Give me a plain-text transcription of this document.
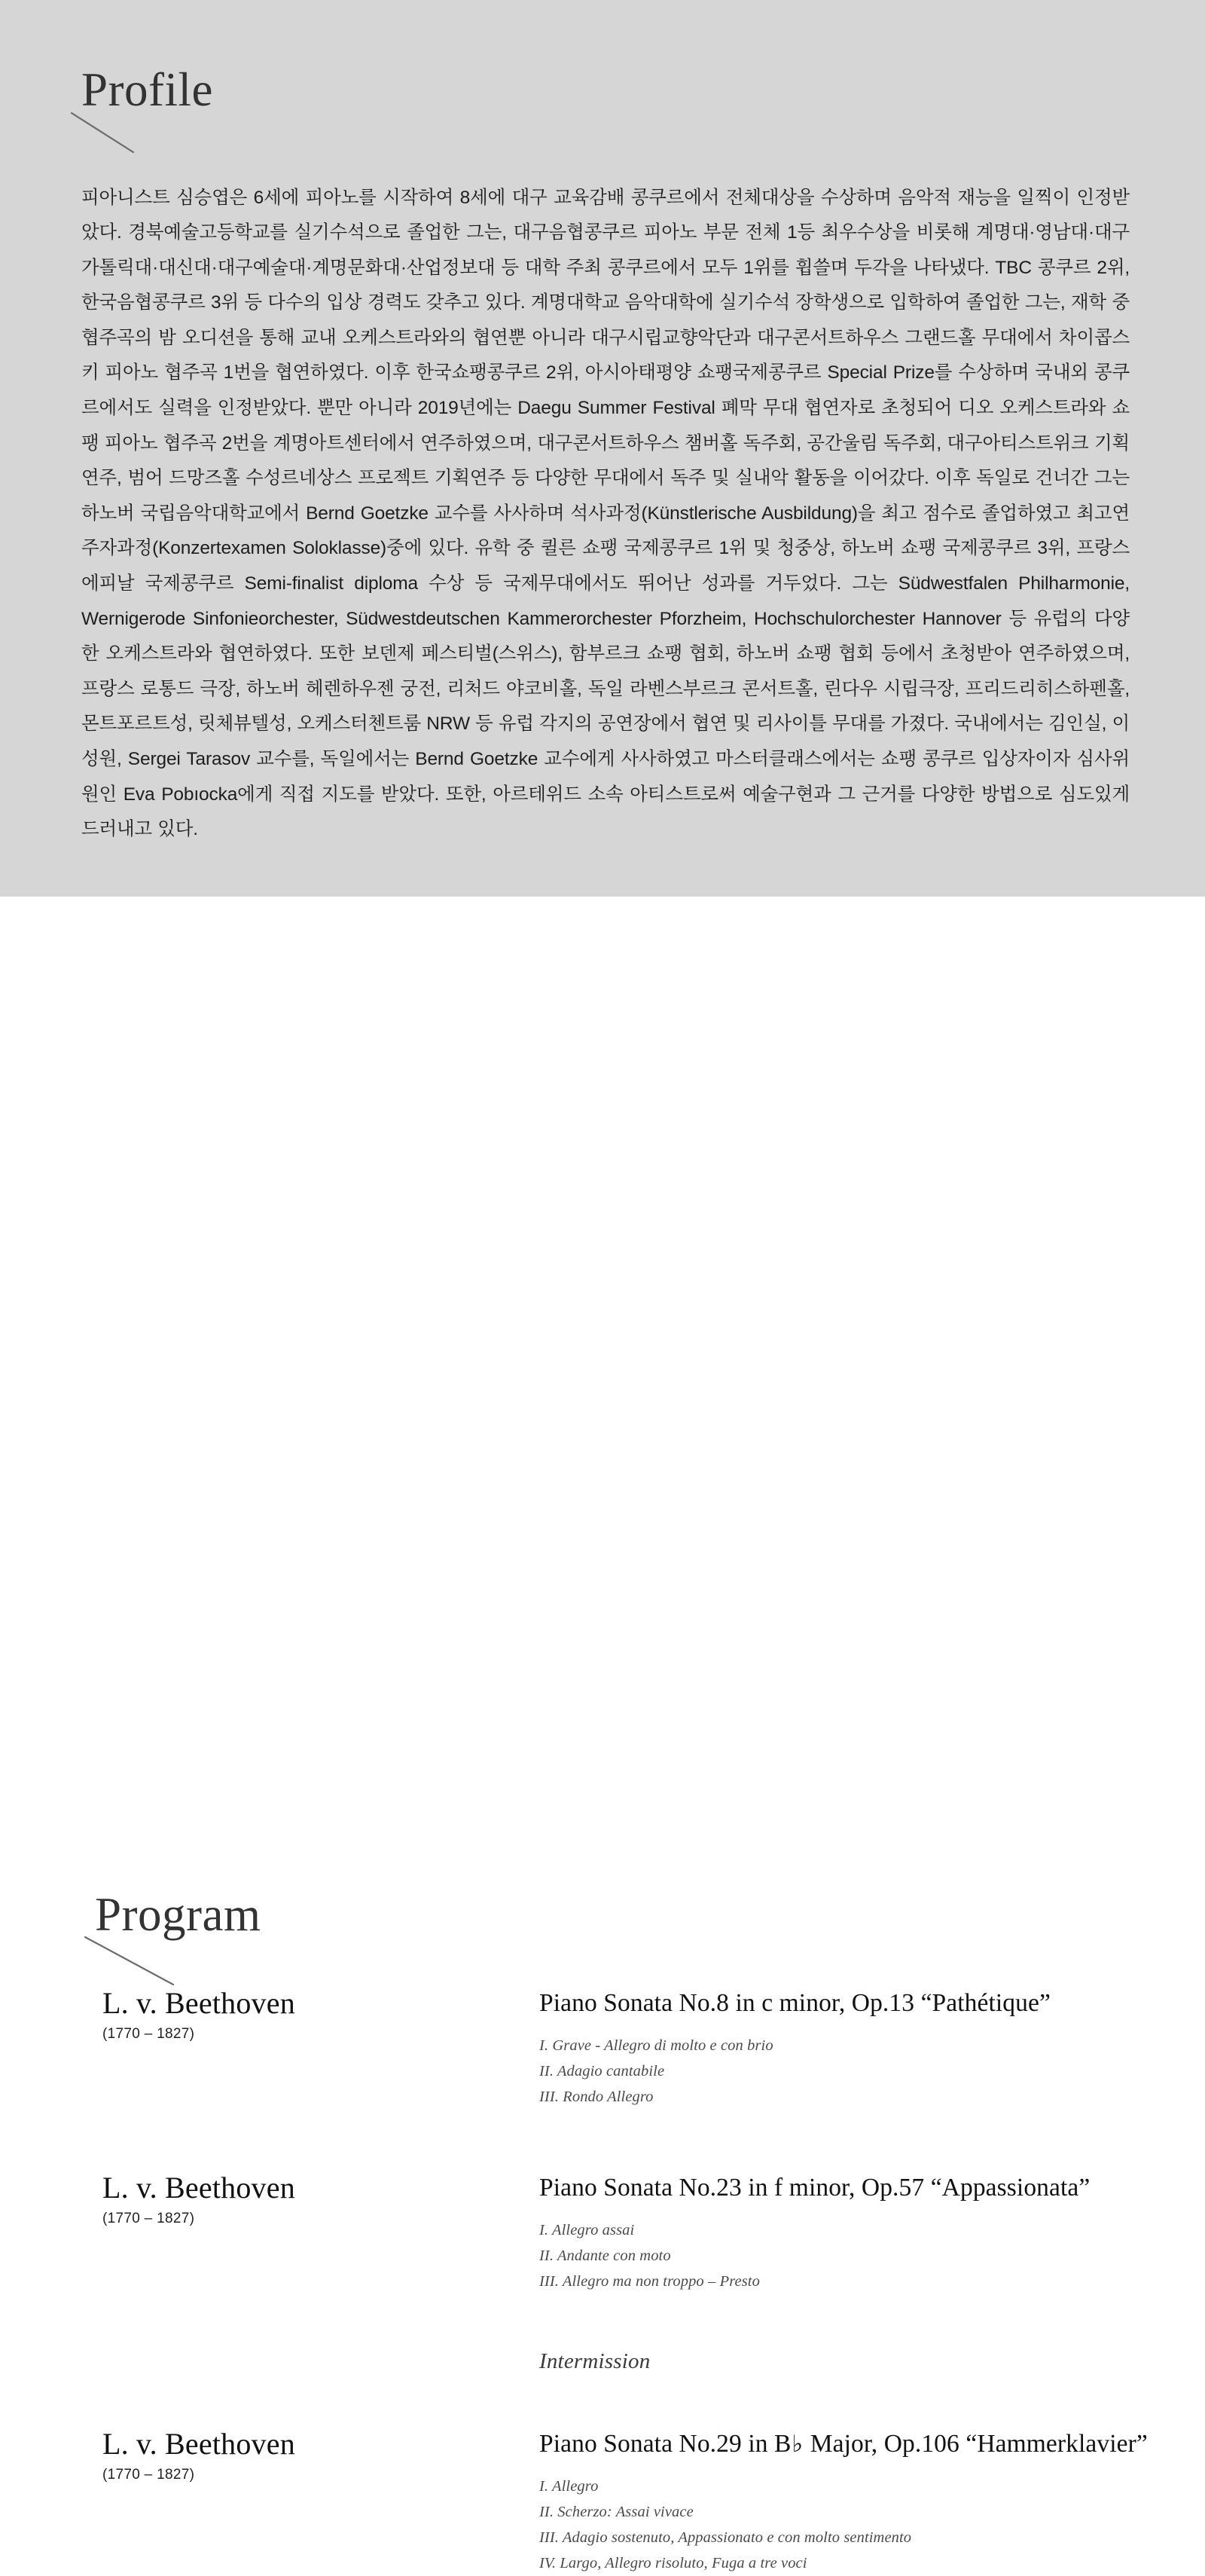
Profile

피아니스트 심승엽은 6세에 피아노를 시작하여 8세에 대구 교육감배 콩쿠르에서 전체대상을 수상하며 음악적 재능을 일찍이 인정받았다. 경북예술고등학교를 실기수석으로 졸업한 그는, 대구음협콩쿠르 피아노 부문 전체 1등 최우수상을 비롯해 계명대·영남대·대구가톨릭대·대신대·대구예술대·계명문화대·산업정보대 등 대학 주최 콩쿠르에서 모두 1위를 휩쓸며 두각을 나타냈다. TBC 콩쿠르 2위, 한국음협콩쿠르 3위 등 다수의 입상 경력도 갖추고 있다. 계명대학교 음악대학에 실기수석 장학생으로 입학하여 졸업한 그는, 재학 중 협주곡의 밤 오디션을 통해 교내 오케스트라와의 협연뿐 아니라 대구시립교향악단과 대구콘서트하우스 그랜드홀 무대에서 차이콥스키 피아노 협주곡 1번을 협연하였다. 이후 한국쇼팽콩쿠르 2위, 아시아태평양 쇼팽국제콩쿠르 Special Prize를 수상하며 국내외 콩쿠르에서도 실력을 인정받았다. 뿐만 아니라 2019년에는 Daegu Summer Festival 폐막 무대 협연자로 초청되어 디오 오케스트라와 쇼팽 피아노 협주곡 2번을 계명아트센터에서 연주하였으며, 대구콘서트하우스 챔버홀 독주회, 공간울림 독주회, 대구아티스트위크 기획연주, 범어 드망즈홀 수성르네상스 프로젝트 기획연주 등 다양한 무대에서 독주 및 실내악 활동을 이어갔다. 이후 독일로 건너간 그는 하노버 국립음악대학교에서 Bernd Goetzke 교수를 사사하며 석사과정(Künstlerische Ausbildung)을 최고 점수로 졸업하였고 최고연주자과정(Konzertexamen Soloklasse)중에 있다. 유학 중 퀼른 쇼팽 국제콩쿠르 1위 및 청중상, 하노버 쇼팽 국제콩쿠르 3위, 프랑스 에피날 국제콩쿠르 Semi-finalist diploma 수상 등 국제무대에서도 뛰어난 성과를 거두었다. 그는 Südwestfalen Philharmonie, Wernigerode Sinfonieorchester, Südwestdeutschen Kammerorchester Pforzheim, Hochschulorchester Hannover 등 유럽의 다양한 오케스트라와 협연하였다. 또한 보덴제 페스티벌(스위스), 함부르크 쇼팽 협회, 하노버 쇼팽 협회 등에서 초청받아 연주하였으며, 프랑스 로통드 극장, 하노버 헤렌하우젠 궁전, 리처드 야코비홀, 독일 라벤스부르크 콘서트홀, 린다우 시립극장, 프리드리히스하펜홀, 몬트포르트성, 릿체뷰텔성, 오케스터첸트룸 NRW 등 유럽 각지의 공연장에서 협연 및 리사이틀 무대를 가졌다. 국내에서는 김인실, 이성원, Sergei Tarasov 교수를, 독일에서는 Bernd Goetzke 교수에게 사사하였고 마스터클래스에서는 쇼팽 콩쿠르 입상자이자 심사위원인 Eva Pobıocka에게 직접 지도를 받았다. 또한, 아르테위드 소속 아티스트로써 예술구현과 그 근거를 다양한 방법으로 심도있게 드러내고 있다.

Program
L. v. Beethoven
(1770 – 1827)
Piano Sonata No.8 in c minor, Op.13 “Pathétique”
I. Grave - Allegro di molto e con brio
II. Adagio cantabile
III. Rondo Allegro
L. v. Beethoven
(1770 – 1827)
Piano Sonata No.23 in f minor, Op.57 “Appassionata”
I. Allegro assai
II. Andante con moto
III. Allegro ma non troppo – Presto
Intermission
L. v. Beethoven
(1770 – 1827)
Piano Sonata No.29 in B♭ Major, Op.106 “Hammerklavier”
I. Allegro
II. Scherzo: Assai vivace
III. Adagio sostenuto, Appassionato e con molto sentimento
IV. Largo, Allegro risoluto, Fuga a tre voci
